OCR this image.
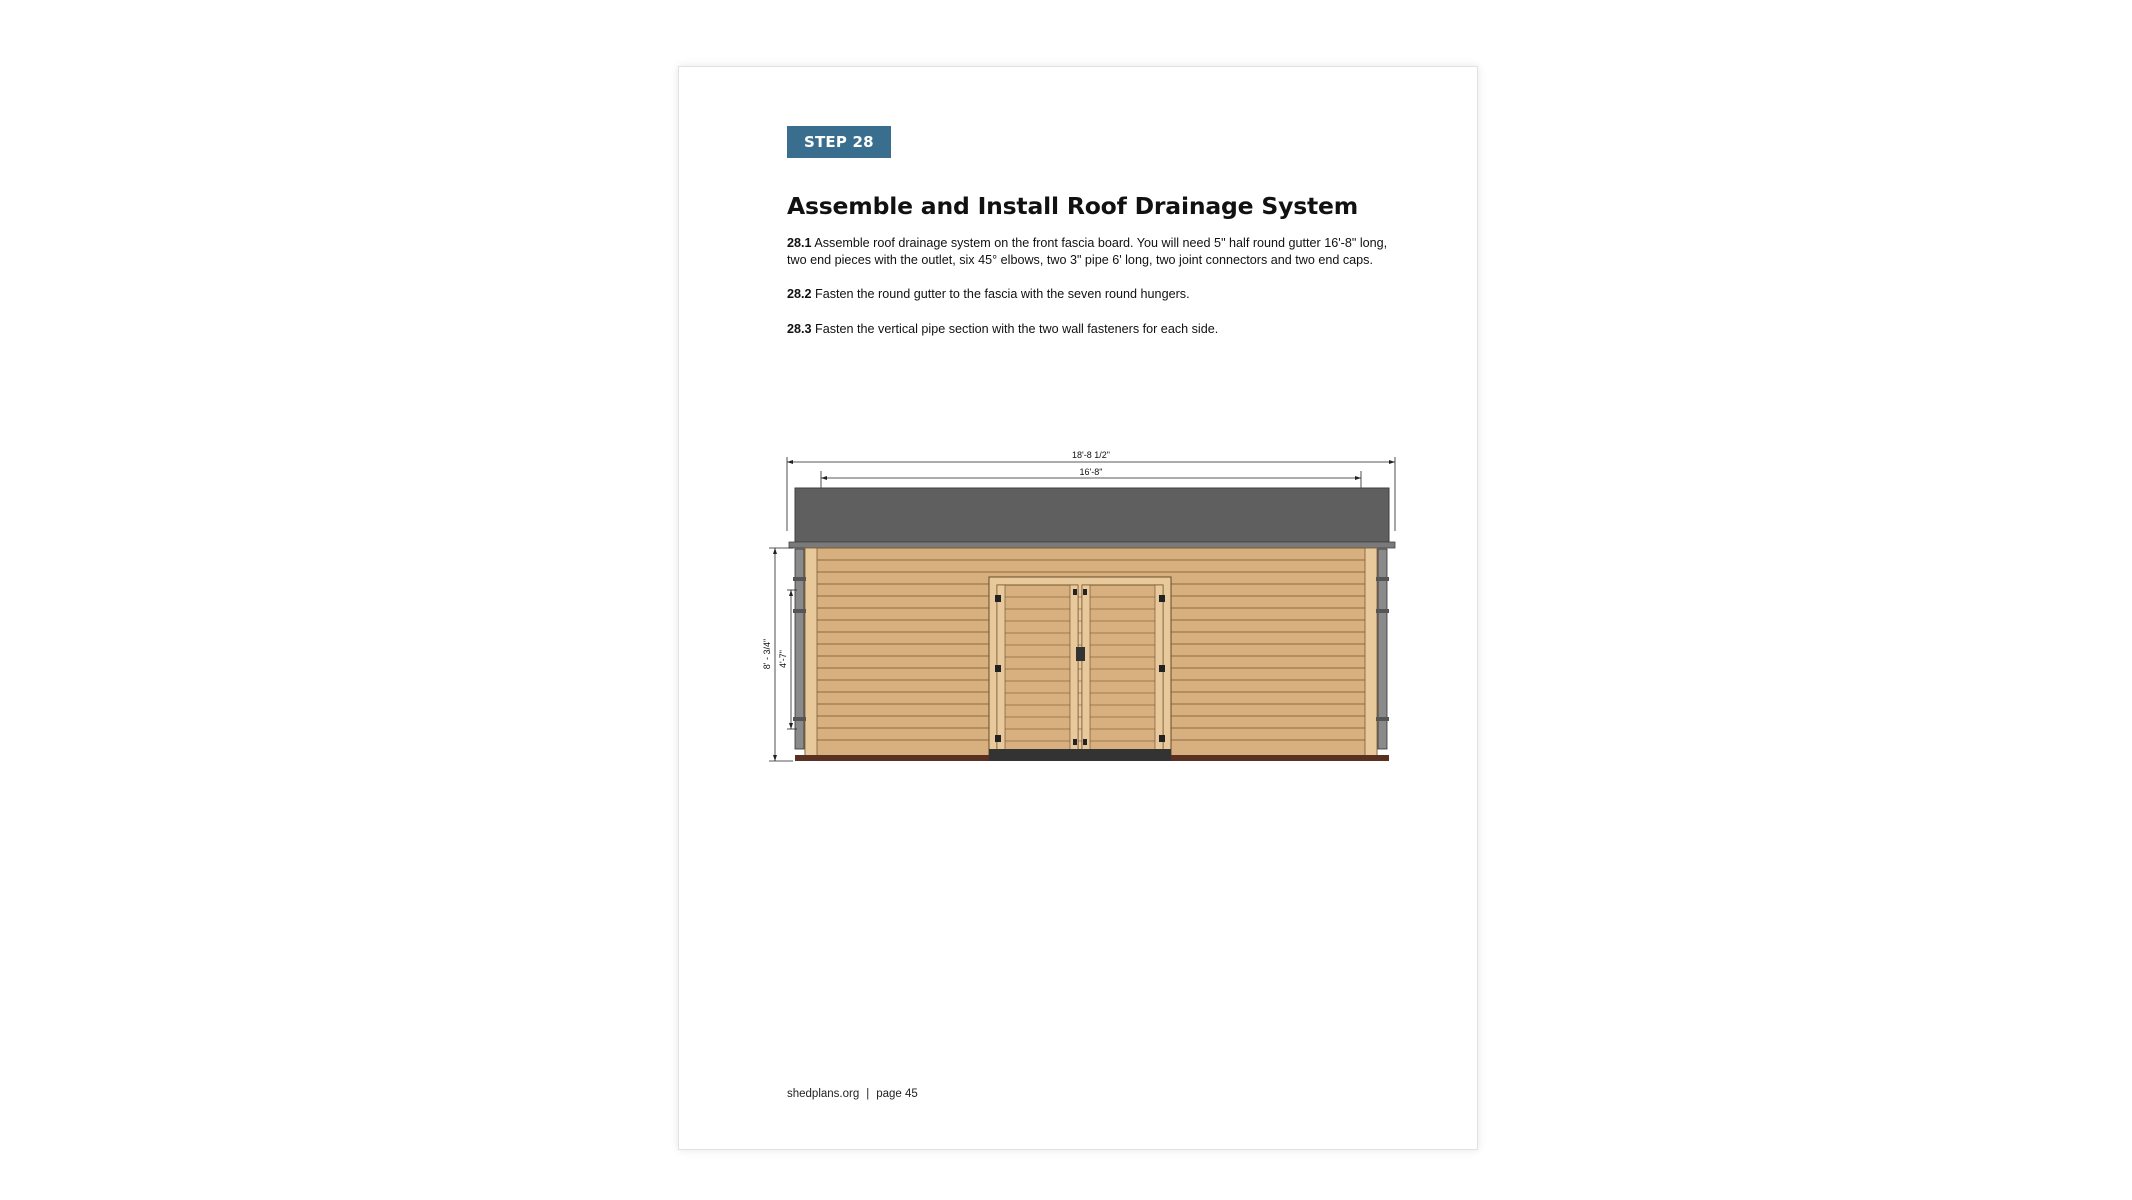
STEP 28
Assemble and Install Roof Drainage System

28.1 Assemble roof drainage system on the front fascia board. You will need 5" half round gutter 16'-8" long, two end pieces with the outlet, six 45° elbows, two 3" pipe 6' long, two joint connectors and two end caps.

28.2 Fasten the round gutter to the fascia with the seven round hungers.

28.3 Fasten the vertical pipe section with the two wall fasteners for each side.

18'-8 1/2"
16'-8"
8' - 3/4" 4'-7"
shedplans.org | page 45
